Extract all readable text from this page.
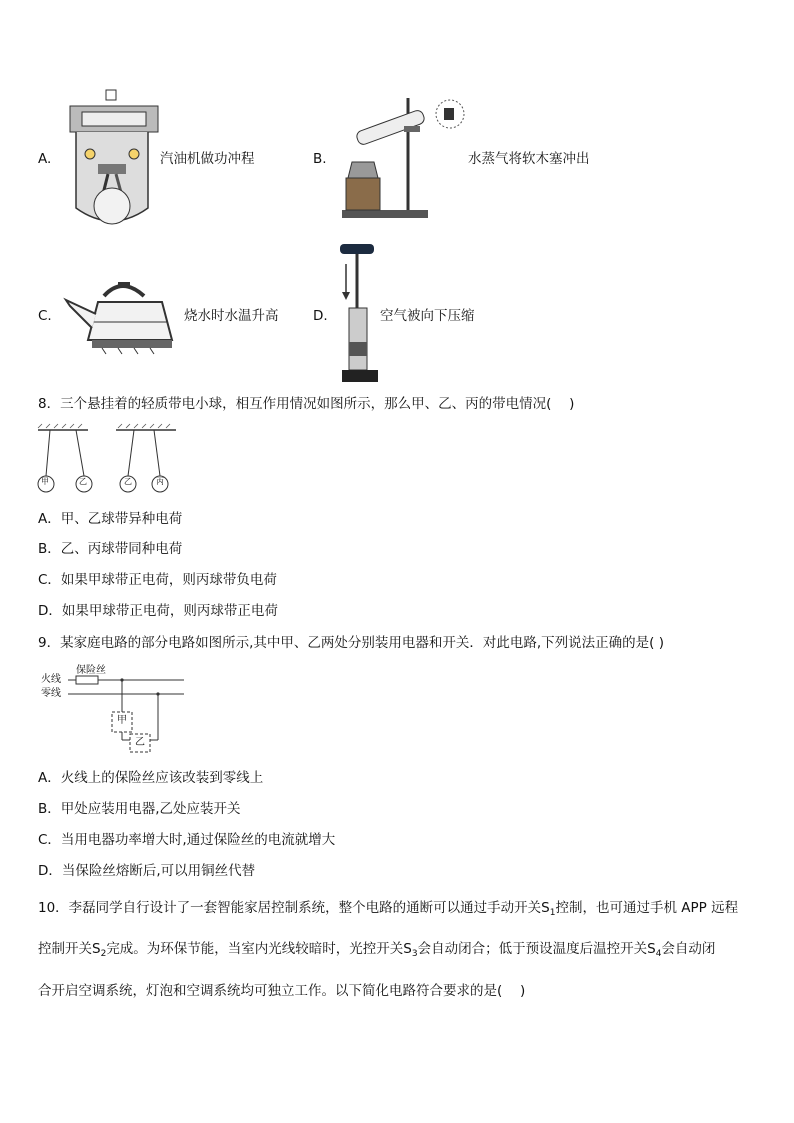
A.	汽油机做功冲程	B.	水蒸气将软木塞冲出
C.	烧水时水温升高	D.	空气被向下压缩
8．三个悬挂着的轻质带电小球，相互作用情况如图所示，那么甲、乙、丙的带电情况(　 )
甲	乙	乙	丙
A．甲、乙球带异种电荷
B．乙、丙球带同种电荷
C．如果甲球带正电荷，则丙球带负电荷
D．如果甲球带正电荷，则丙球带正电荷
9．某家庭电路的部分电路如图所示,其中甲、乙两处分别装用电器和开关．对此电路,下列说法正确的是( )
火线
零线
保险丝
甲
乙
A．火线上的保险丝应该改装到零线上
B．甲处应装用电器,乙处应装开关
C．当用电器功率增大时,通过保险丝的电流就增大
D．当保险丝熔断后,可以用铜丝代替
10．李磊同学自行设计了一套智能家居控制系统，整个电路的通断可以通过手动开关$S_1$控制，也可通过手机 APP 远程
控制开关$S_2$完成。为环保节能，当室内光线较暗时，光控开关$S_3$会自动闭合；低于预设温度后温控开关$S_4$会自动闭
合开启空调系统，灯泡和空调系统均可独立工作。以下简化电路符合要求的是(　 )
